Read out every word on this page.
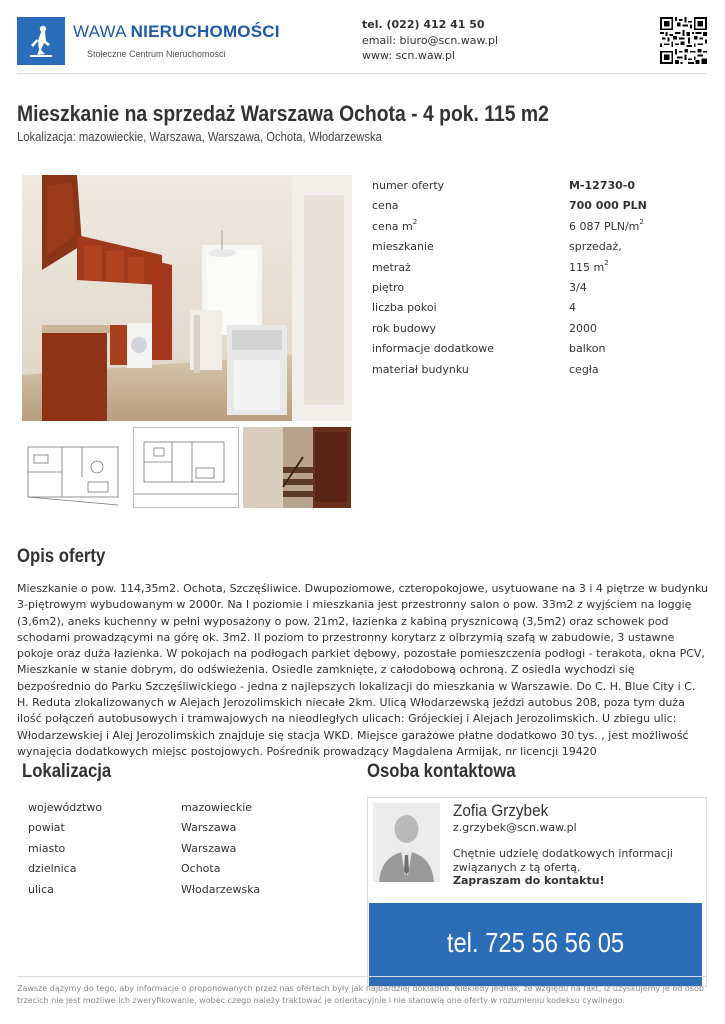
WAWA NIERUCHOMOŚCI
Stołeczne Centrum Nieruchomości
tel. (022) 412 41 50
email: biuro@scn.waw.pl
www: scn.waw.pl
Mieszkanie na sprzedaż Warszawa Ochota - 4 pok. 115 m2
Lokalizacja: mazowieckie, Warszawa, Warszawa, Ochota, Włodarzewska
numer oferty	M-12730-0
cena	700 000 PLN
cena $m^2$	6 087 PLN/$m^2$
mieszkanie	sprzedaż,
metraż	115 $m^2$
piętro	3/4
liczba pokoi	4
rok budowy	2000
informacje dodatkowe	balkon
materiał budynku	cegła
Opis oferty

Mieszkanie o pow. 114,35m2. Ochota, Szczęśliwice. Dwupoziomowe, czteropokojowe, usytuowane na 3 i 4 piętrze w budynku 3-piętrowym wybudowanym w 2000r. Na I poziomie i mieszkania jest przestronny salon o pow. 33m2 z wyjściem na loggię (3,6m2), aneks kuchenny w pełni wyposażony o pow. 21m2, łazienka z kabiną prysznicową (3,5m2) oraz schowek pod schodami prowadzącymi na górę ok. 3m2. II poziom to przestronny korytarz z olbrzymią szafą w zabudowie, 3 ustawne pokoje oraz duża łazienka. W pokojach na podłogach parkiet dębowy, pozostałe pomieszczenia podłogi - terakota, okna PCV, Mieszkanie w stanie dobrym, do odświeżenia. Osiedle zamknięte, z całodobową ochroną. Z osiedla wychodzi się bezpośrednio do Parku Szczęśliwickiego - jedna z najlepszych lokalizacji do mieszkania w Warszawie. Do C. H. Blue City i C. H. Reduta zlokalizowanych w Alejach Jerozolimskich niecałe 2km. Ulicą Włodarzewską jeździ autobus 208, poza tym duża ilość połączeń autobusowych i tramwajowych na nieodległych ulicach: Grójeckiej i Alejach Jerozolimskich. U zbiegu ulic: Włodarzewskiej i Alej Jerozolimskich znajduje się stacja WKD. Miejsce garażowe płatne dodatkowo 30 tys. , jest możliwość wynajęcia dodatkowych miejsc postojowych. Pośrednik prowadzący Magdalena Armijak, nr licencji 19420

Lokalizacja
województwo	mazowieckie
powiat	Warszawa
miasto	Warszawa
dzielnica	Ochota
ulica	Włodarzewska
Osoba kontaktowa
Zofia Grzybek
z.grzybek@scn.waw.pl
Chętnie udzielę dodatkowych informacji związanych z tą ofertą.
Zapraszam do kontaktu!
tel. 725 56 56 05

Zawsze dążymy do tego, aby informacje o proponowanych przez nas ofertach były jak najbardziej dokładne. Niekiedy jednak, ze względu na fakt, iż uzyskujemy je od osób trzecich nie jest możliwe ich zweryfikowanie, wobec czego należy traktować je orientacyjnie i nie stanowią one oferty w rozumieniu kodeksu cywilnego.
